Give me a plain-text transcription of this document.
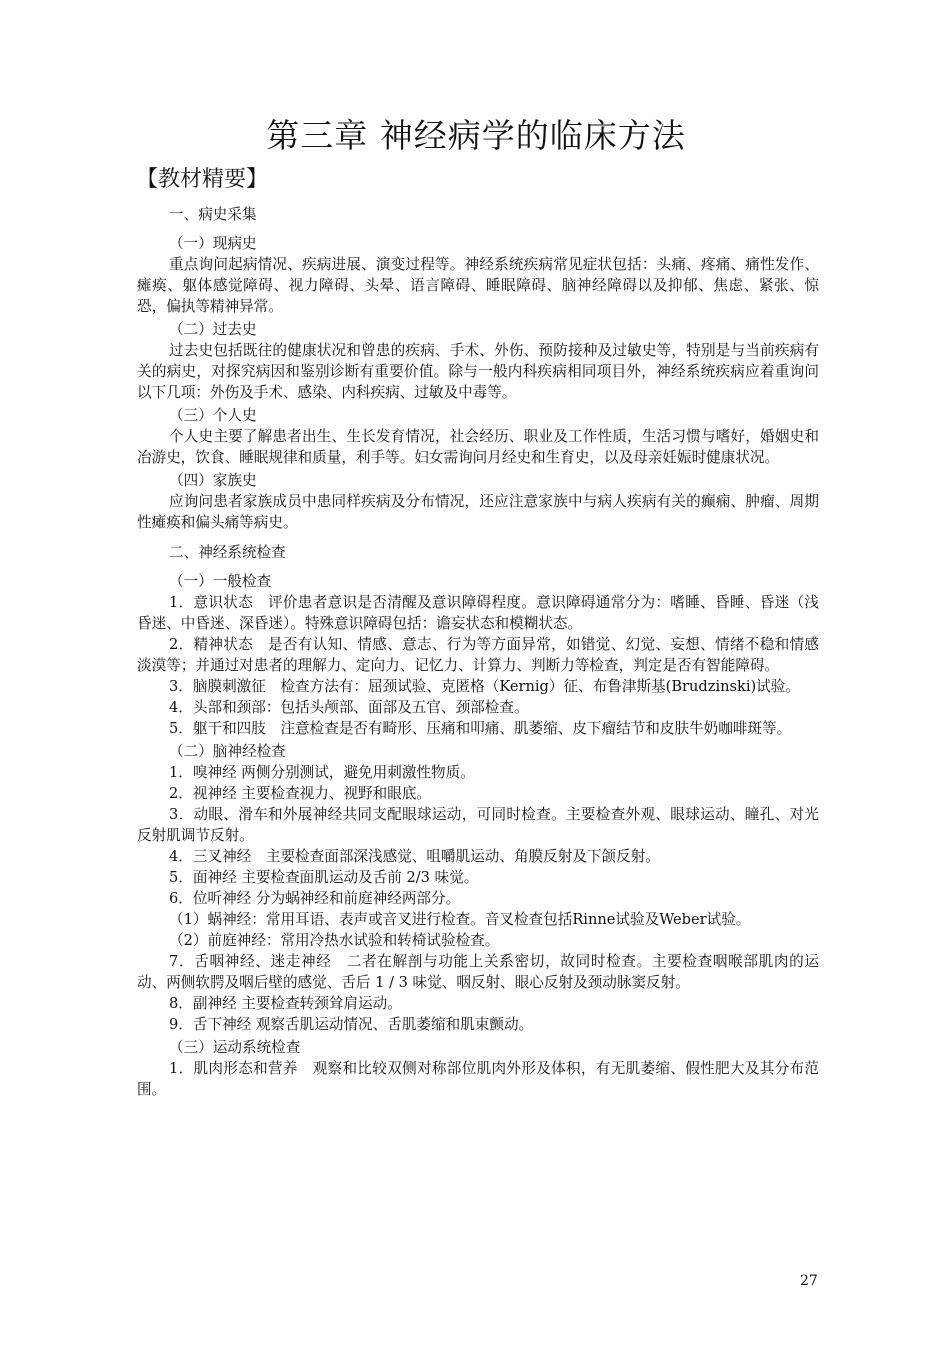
第三章 神经病学的临床方法
【教材精要】
一、病史采集
（一）现病史
重点询问起病情况、疾病进展、演变过程等。神经系统疾病常见症状包括：头痛、疼痛、痛性发作、瘫痪、躯体感觉障碍、视力障碍、头晕、语言障碍、睡眠障碍、脑神经障碍以及抑郁、焦虑、紧张、惊恐，偏执等精神异常。
（二）过去史
过去史包括既往的健康状况和曾患的疾病、手术、外伤、预防接种及过敏史等，特别是与当前疾病有关的病史，对探究病因和鉴别诊断有重要价值。除与一般内科疾病相同项目外，神经系统疾病应着重询问以下几项：外伤及手术、感染、内科疾病、过敏及中毒等。
（三）个人史
个人史主要了解患者出生、生长发育情况，社会经历、职业及工作性质，生活习惯与嗜好，婚姻史和冶游史，饮食、睡眠规律和质量，利手等。妇女需询问月经史和生育史，以及母亲妊娠时健康状况。
（四）家族史
应询问患者家族成员中患同样疾病及分布情况，还应注意家族中与病人疾病有关的癫痫、肿瘤、周期性瘫痪和偏头痛等病史。
二、神经系统检查
（一）一般检查
1．意识状态　评价患者意识是否清醒及意识障碍程度。意识障碍通常分为：嗜睡、昏睡、昏迷（浅昏迷、中昏迷、深昏迷）。特殊意识障碍包括：谵妄状态和模糊状态。
2．精神状态　是否有认知、情感、意志、行为等方面异常，如错觉、幻觉、妄想、情绪不稳和情感淡漠等；并通过对患者的理解力、定向力、记忆力、计算力、判断力等检查，判定是否有智能障碍。
3．脑膜刺激征　检查方法有：屈颈试验、克匿格（Kernig）征、布鲁津斯基(Brudzinski)试验。
4．头部和颈部：包括头颅部、面部及五官、颈部检查。
5．躯干和四肢　注意检查是否有畸形、压痛和叩痛、肌萎缩、皮下瘤结节和皮肤牛奶咖啡斑等。
（二）脑神经检查
1．嗅神经 两侧分别测试，避免用刺激性物质。
2．视神经 主要检查视力、视野和眼底。
3．动眼、滑车和外展神经共同支配眼球运动，可同时检查。主要检查外观、眼球运动、瞳孔、对光反射肌调节反射。
4．三叉神经　主要检查面部深浅感觉、咀嚼肌运动、角膜反射及下颌反射。
5．面神经 主要检查面肌运动及舌前 2/3 味觉。
6．位听神经 分为蜗神经和前庭神经两部分。
（1）蜗神经：常用耳语、表声或音叉进行检查。音叉检查包括Rinne试验及Weber试验。
（2）前庭神经：常用冷热水试验和转椅试验检查。
7．舌咽神经、迷走神经　二者在解剖与功能上关系密切，故同时检查。主要检查咽喉部肌肉的运动、两侧软腭及咽后壁的感觉、舌后 1 / 3 味觉、咽反射、眼心反射及颈动脉窦反射。
8．副神经 主要检查转颈耸肩运动。
9．舌下神经 观察舌肌运动情况、舌肌萎缩和肌束颤动。
（三）运动系统检查
1．肌肉形态和营养　观察和比较双侧对称部位肌肉外形及体积，有无肌萎缩、假性肥大及其分布范围。
27
